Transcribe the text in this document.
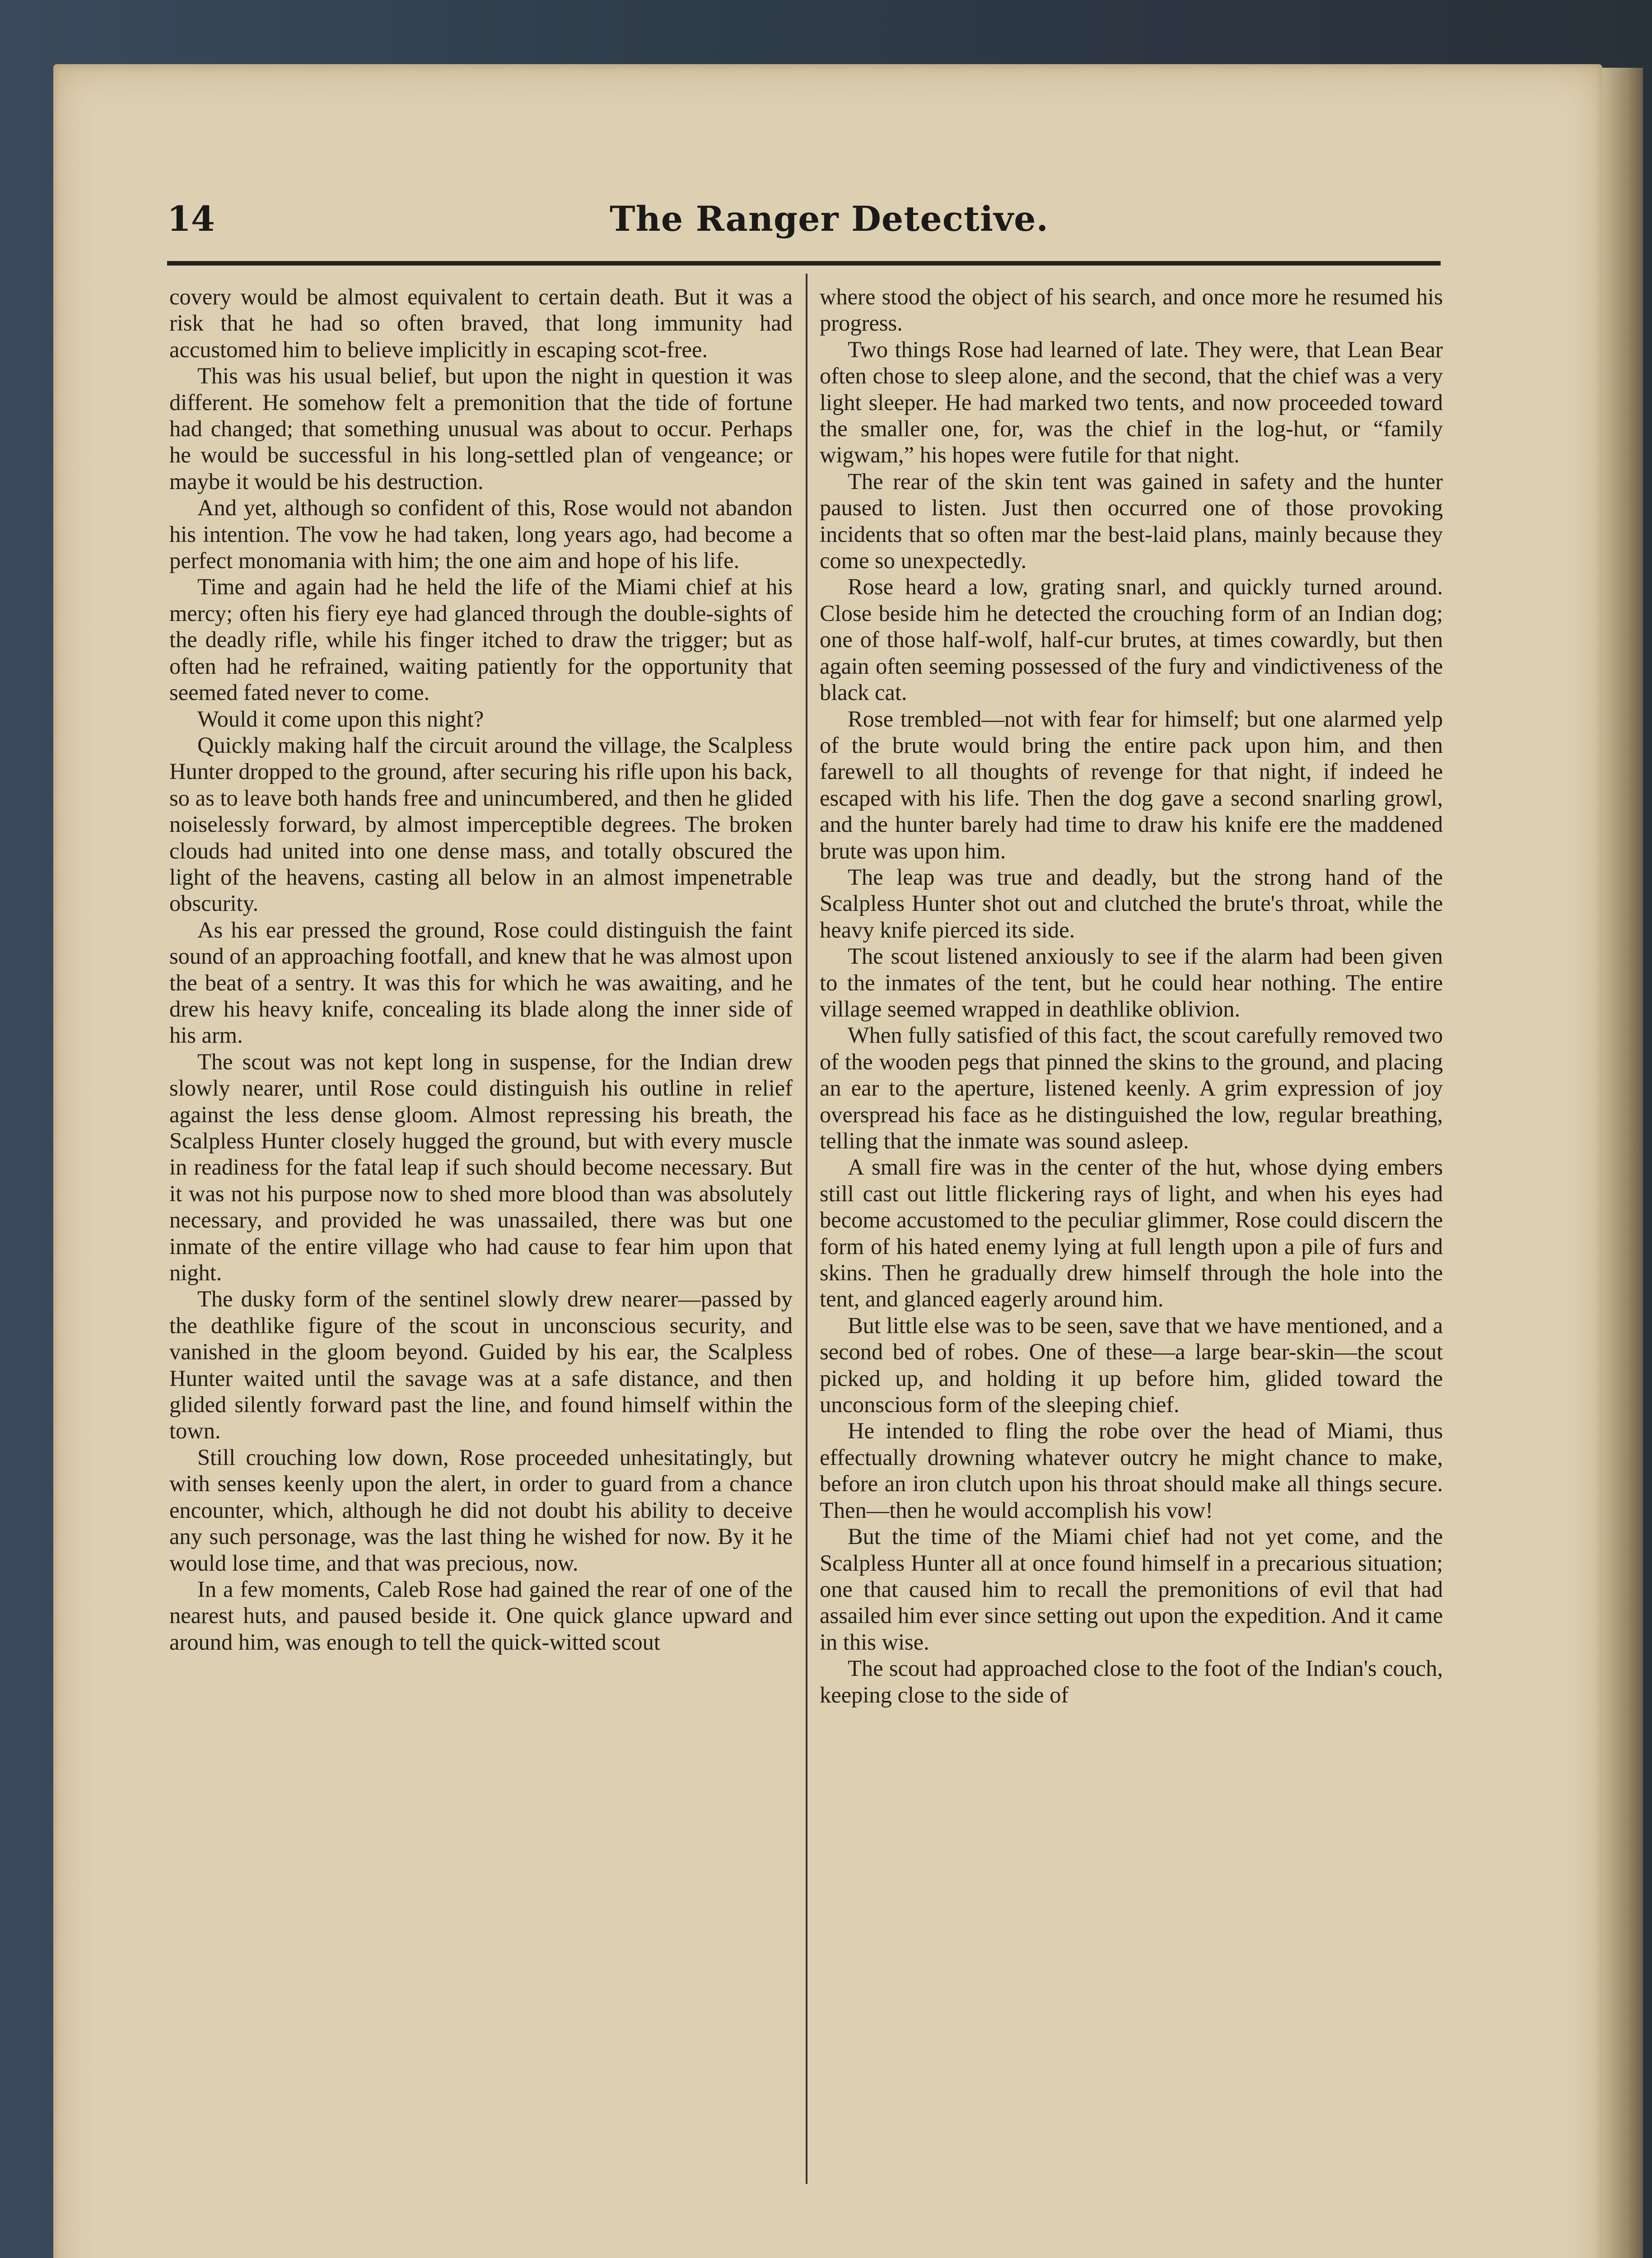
14	The Ranger Detective.

covery would be almost equivalent to certain death. But it was a risk that he had so often braved, that long immunity had accustomed him to believe implicitly in escaping scot-free.

This was his usual belief, but upon the night in question it was different. He somehow felt a premonition that the tide of fortune had changed; that something unusual was about to occur. Perhaps he would be successful in his long-settled plan of vengeance; or maybe it would be his destruction.

And yet, although so confident of this, Rose would not abandon his intention. The vow he had taken, long years ago, had become a perfect monomania with him; the one aim and hope of his life.

Time and again had he held the life of the Miami chief at his mercy; often his fiery eye had glanced through the double-sights of the deadly rifle, while his finger itched to draw the trigger; but as often had he refrained, waiting patiently for the opportunity that seemed fated never to come.

Would it come upon this night?

Quickly making half the circuit around the village, the Scalpless Hunter dropped to the ground, after securing his rifle upon his back, so as to leave both hands free and unincumbered, and then he glided noiselessly forward, by almost imperceptible degrees. The broken clouds had united into one dense mass, and totally obscured the light of the heavens, casting all below in an almost impenetrable obscurity.

As his ear pressed the ground, Rose could distinguish the faint sound of an approaching footfall, and knew that he was almost upon the beat of a sentry. It was this for which he was awaiting, and he drew his heavy knife, concealing its blade along the inner side of his arm.

The scout was not kept long in suspense, for the Indian drew slowly nearer, until Rose could distinguish his outline in relief against the less dense gloom. Almost repressing his breath, the Scalpless Hunter closely hugged the ground, but with every muscle in readiness for the fatal leap if such should become necessary. But it was not his purpose now to shed more blood than was absolutely necessary, and provided he was unassailed, there was but one inmate of the entire village who had cause to fear him upon that night.

The dusky form of the sentinel slowly drew nearer—passed by the deathlike figure of the scout in unconscious security, and vanished in the gloom beyond. Guided by his ear, the Scalpless Hunter waited until the savage was at a safe distance, and then glided silently forward past the line, and found himself within the town.

Still crouching low down, Rose proceeded unhesitatingly, but with senses keenly upon the alert, in order to guard from a chance encounter, which, although he did not doubt his ability to deceive any such personage, was the last thing he wished for now. By it he would lose time, and that was precious, now.

In a few moments, Caleb Rose had gained the rear of one of the nearest huts, and paused beside it. One quick glance upward and around him, was enough to tell the quick-witted scout

where stood the object of his search, and once more he resumed his progress.

Two things Rose had learned of late. They were, that Lean Bear often chose to sleep alone, and the second, that the chief was a very light sleeper. He had marked two tents, and now proceeded toward the smaller one, for, was the chief in the log-hut, or “family wigwam,” his hopes were futile for that night.

The rear of the skin tent was gained in safety and the hunter paused to listen. Just then occurred one of those provoking incidents that so often mar the best-laid plans, mainly because they come so unexpectedly.

Rose heard a low, grating snarl, and quickly turned around. Close beside him he detected the crouching form of an Indian dog; one of those half-wolf, half-cur brutes, at times cowardly, but then again often seeming possessed of the fury and vindictiveness of the black cat.

Rose trembled—not with fear for himself; but one alarmed yelp of the brute would bring the entire pack upon him, and then farewell to all thoughts of revenge for that night, if indeed he escaped with his life. Then the dog gave a second snarling growl, and the hunter barely had time to draw his knife ere the maddened brute was upon him.

The leap was true and deadly, but the strong hand of the Scalpless Hunter shot out and clutched the brute's throat, while the heavy knife pierced its side.

The scout listened anxiously to see if the alarm had been given to the inmates of the tent, but he could hear nothing. The entire village seemed wrapped in deathlike oblivion.

When fully satisfied of this fact, the scout carefully removed two of the wooden pegs that pinned the skins to the ground, and placing an ear to the aperture, listened keenly. A grim expression of joy overspread his face as he distinguished the low, regular breathing, telling that the inmate was sound asleep.

A small fire was in the center of the hut, whose dying embers still cast out little flickering rays of light, and when his eyes had become accustomed to the peculiar glimmer, Rose could discern the form of his hated enemy lying at full length upon a pile of furs and skins. Then he gradually drew himself through the hole into the tent, and glanced eagerly around him.

But little else was to be seen, save that we have mentioned, and a second bed of robes. One of these—a large bear-skin—the scout picked up, and holding it up before him, glided toward the unconscious form of the sleeping chief.

He intended to fling the robe over the head of Miami, thus effectually drowning whatever outcry he might chance to make, before an iron clutch upon his throat should make all things secure. Then—then he would accomplish his vow!

But the time of the Miami chief had not yet come, and the Scalpless Hunter all at once found himself in a precarious situation; one that caused him to recall the premonitions of evil that had assailed him ever since setting out upon the expedition. And it came in this wise.

The scout had approached close to the foot of the Indian's couch, keeping close to the side of
